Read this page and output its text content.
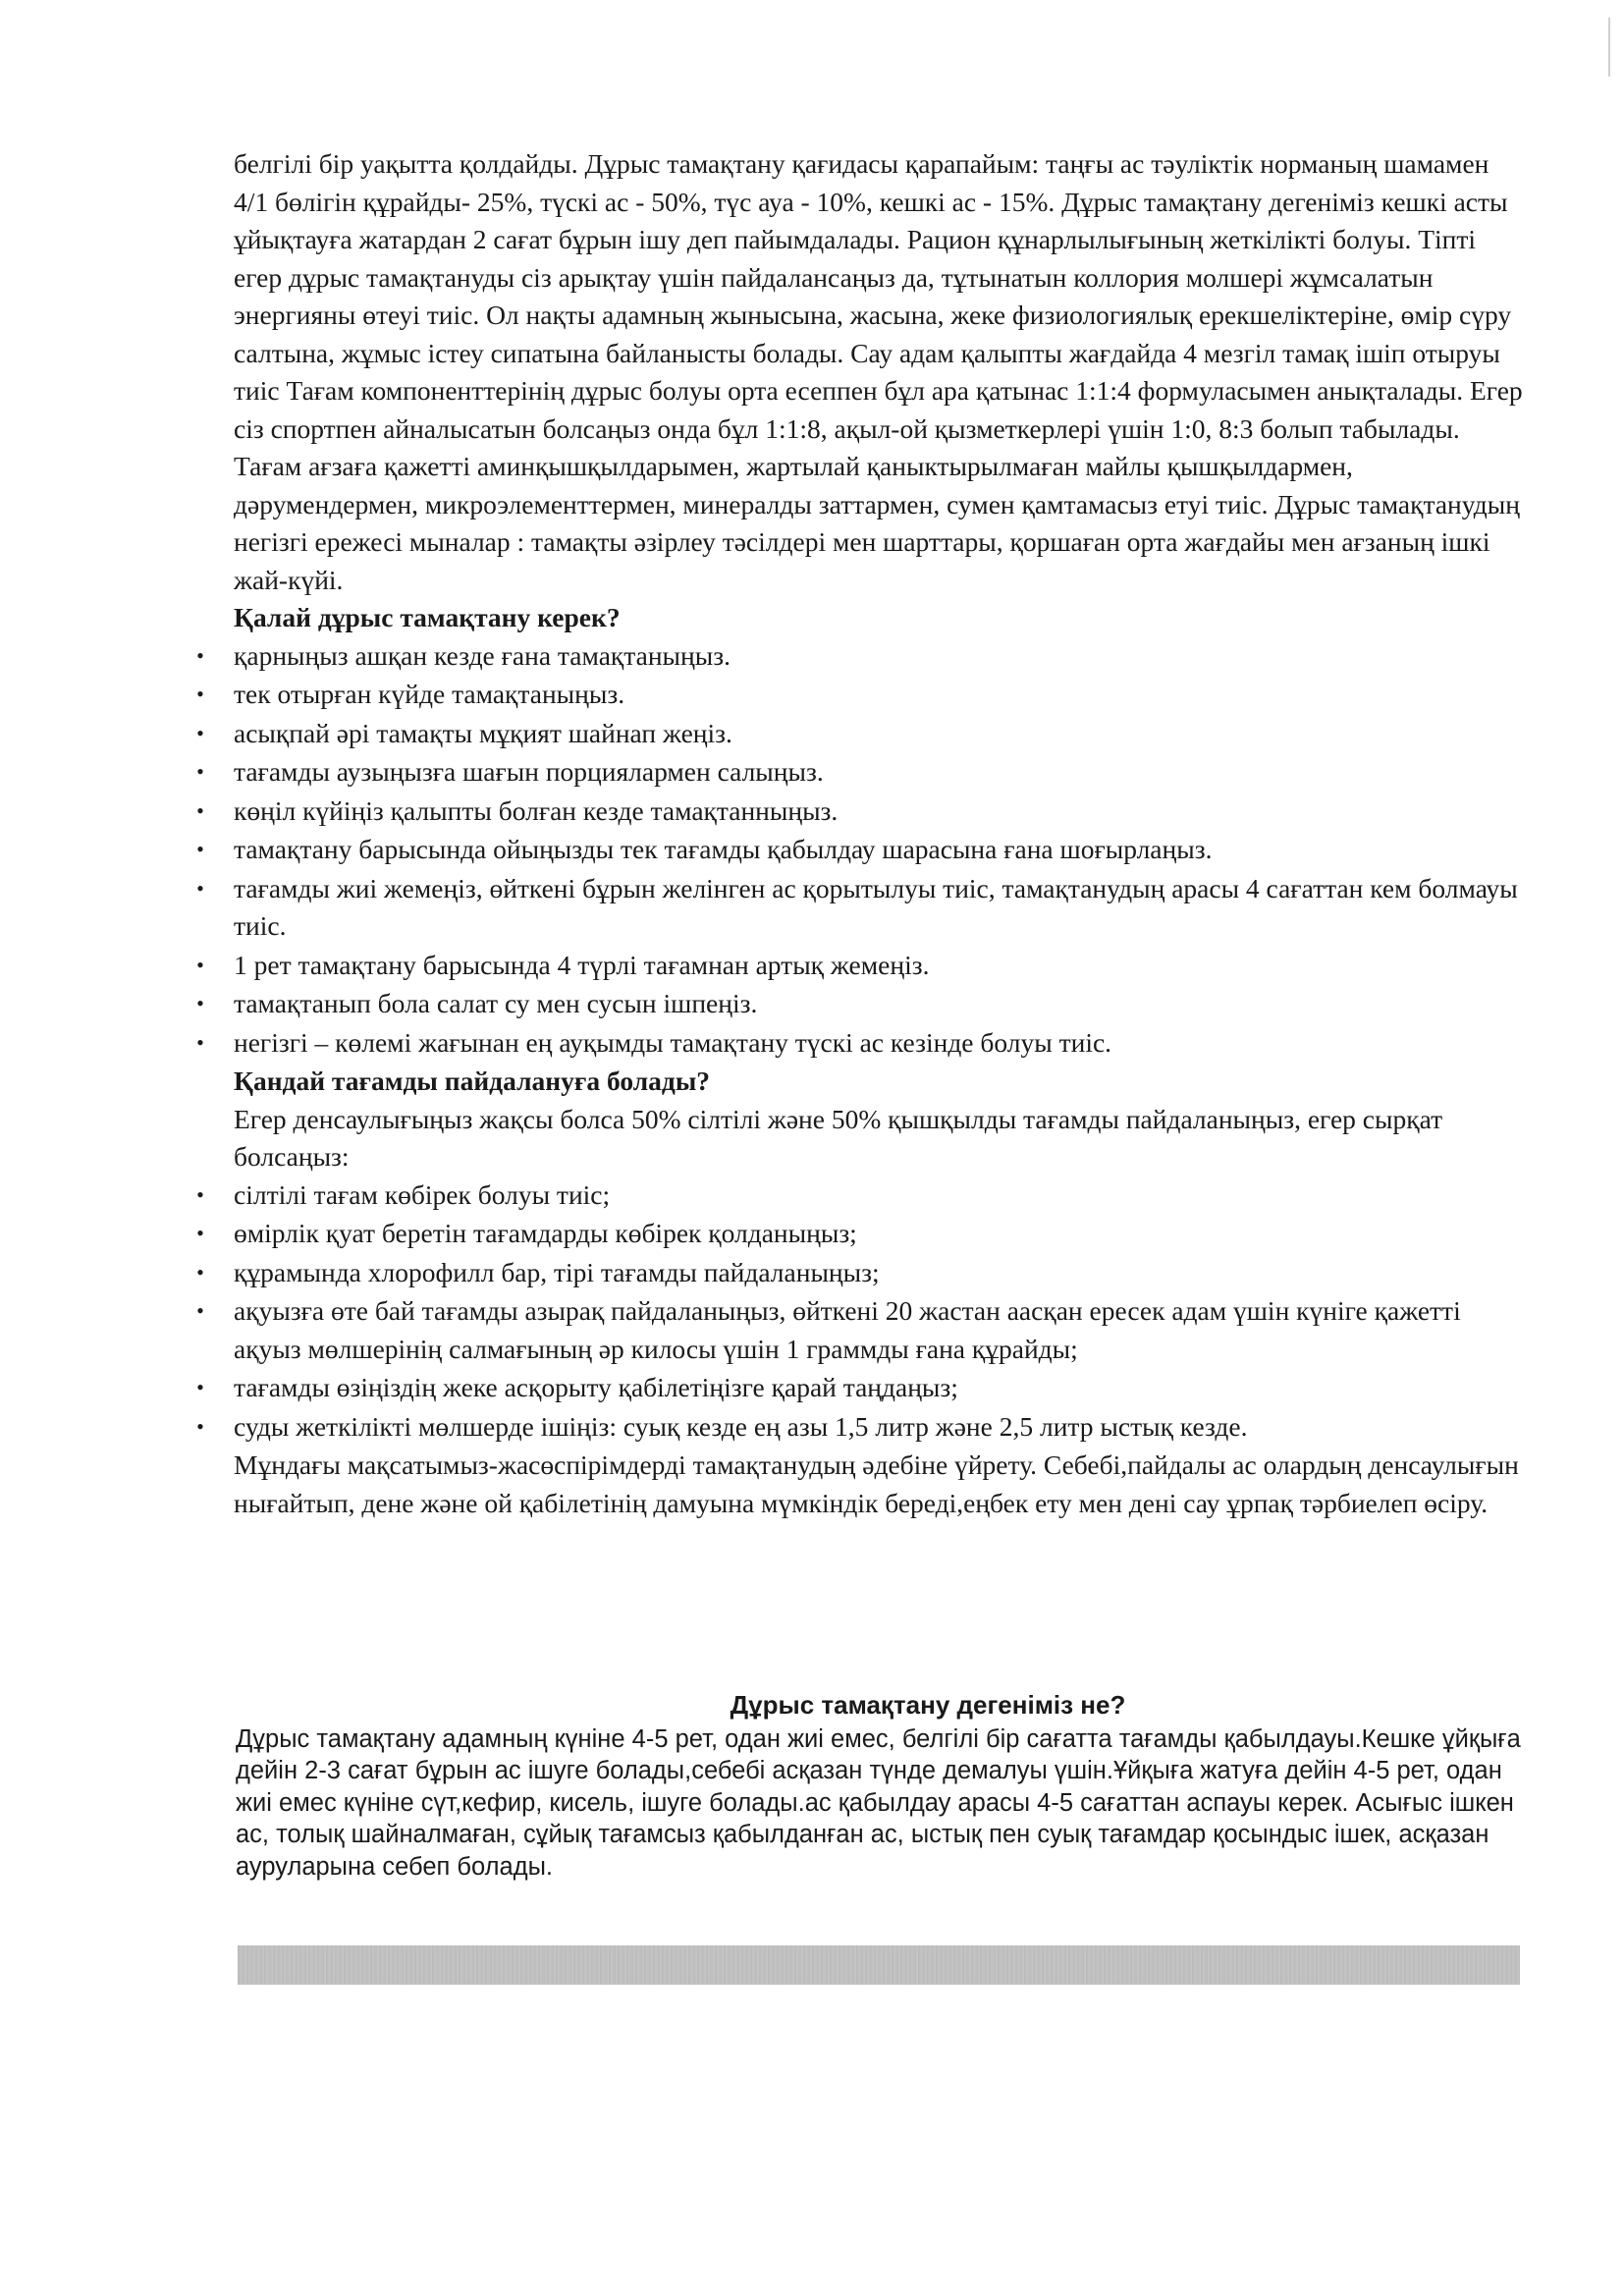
белгілі бір уақытта қолдайды. Дұрыс тамақтану қағидасы қарапайым: таңғы ас тәуліктік норманың шамамен 4/1 бөлігін құрайды- 25%, түскі ас - 50%, түс ауа - 10%, кешкі ас - 15%. Дұрыс тамақтану дегеніміз кешкі асты ұйықтауға жатардан 2 сағат бұрын ішу деп пайымдалады. Рацион құнарлылығының жеткілікті болуы. Тіпті егер дұрыс тамақтануды сіз арықтау үшін пайдалансаңыз да, тұтынатын коллория молшері жұмсалатын энергияны өтеуі тиіс. Ол нақты адамның жынысына, жасына, жеке физиологиялық ерекшеліктеріне, өмір сүру салтына, жұмыс істеу сипатына байланысты болады. Сау адам қалыпты жағдайда 4 мезгіл тамақ ішіп отыруы тиіс Тағам компоненттерінің дұрыс болуы орта есеппен бұл ара қатынас 1:1:4 формуласымен анықталады. Егер сіз спортпен айналысатын болсаңыз онда бұл 1:1:8, ақыл-ой қызметкерлері үшін 1:0, 8:3 болып табылады. Тағам ағзаға қажетті аминқышқылдарымен, жартылай қаныктырылмаған майлы қышқылдармен, дәрумендермен, микроэлементтермен, минералды заттармен, сумен қамтамасыз етуі тиіс. Дұрыс тамақтанудың негізгі ережесі мыналар : тамақты әзірлеу тәсілдері мен шарттары, қоршаған орта жағдайы мен ағзаның ішкі жай-күйі.

Қалай дұрыс тамақтану керек?

• қарныңыз ашқан кезде ғана тамақтаныңыз.
• тек отырған күйде тамақтаныңыз.
• асықпай әрі тамақты мұқият шайнап жеңіз.
• тағамды аузыңызға шағын порциялармен салыңыз.
• көңіл күйіңіз қалыпты болған кезде тамақтанныңыз.
• тамақтану барысында ойыңызды тек тағамды қабылдау шарасына ғана шоғырлаңыз.
• тағамды жиі жемеңіз, өйткені бұрын желінген ас қорытылуы тиіс, тамақтанудың арасы 4 сағаттан кем болмауы тиіс.
• 1 рет тамақтану барысында 4 түрлі тағамнан артық жемеңіз.
• тамақтанып бола салат су мен сусын ішпеңіз.
• негізгі – көлемі жағынан ең ауқымды тамақтану түскі ас кезінде болуы тиіс.

Қандай тағамды пайдалануға болады?

Егер денсаулығыңыз жақсы болса 50% сілтілі және 50% қышқылды тағамды пайдаланыңыз, егер сырқат болсаңыз:

• сілтілі тағам көбірек болуы тиіс;
• өмірлік қуат беретін тағамдарды көбірек қолданыңыз;
• құрамында хлорофилл бар, тірі тағамды пайдаланыңыз;
• ақуызға өте бай тағамды азырақ пайдаланыңыз, өйткені 20 жастан аасқан ересек адам үшін күніге қажетті ақуыз мөлшерінің салмағының әр килосы үшін 1 граммды ғана құрайды;
• тағамды өзіңіздің жеке асқорыту қабілетіңізге қарай таңдаңыз;
• суды жеткілікті мөлшерде ішіңіз: суық кезде ең азы 1,5 литр және 2,5 литр ыстық кезде.

Мұндағы мақсатымыз-жасөспірімдерді тамақтанудың әдебіне үйрету. Себебі,пайдалы ас олардың денсаулығын нығайтып, дене және ой қабілетінің дамуына мүмкіндік береді,еңбек ету мен дені сау ұрпақ тәрбиелеп өсіру.

Дұрыс тамақтану дегеніміз не?

Дұрыс тамақтану адамның күніне 4-5 рет, одан жиі емес, белгілі бір сағатта тағамды қабылдауы.Кешке ұйқыға дейін 2-3 сағат бұрын ас ішуге болады,себебі асқазан түнде демалуы үшін.Ұйқыға жатуға дейін 4-5 рет, одан жиі емес күніне сүт,кефир, кисель, ішуге болады.ас қабылдау арасы 4-5 сағаттан аспауы керек. Асығыс ішкен ас, толық шайналмаған, сұйық тағамсыз қабылданған ас, ыстық пен суық тағамдар қосындыс ішек, асқазан ауруларына себеп болады.
